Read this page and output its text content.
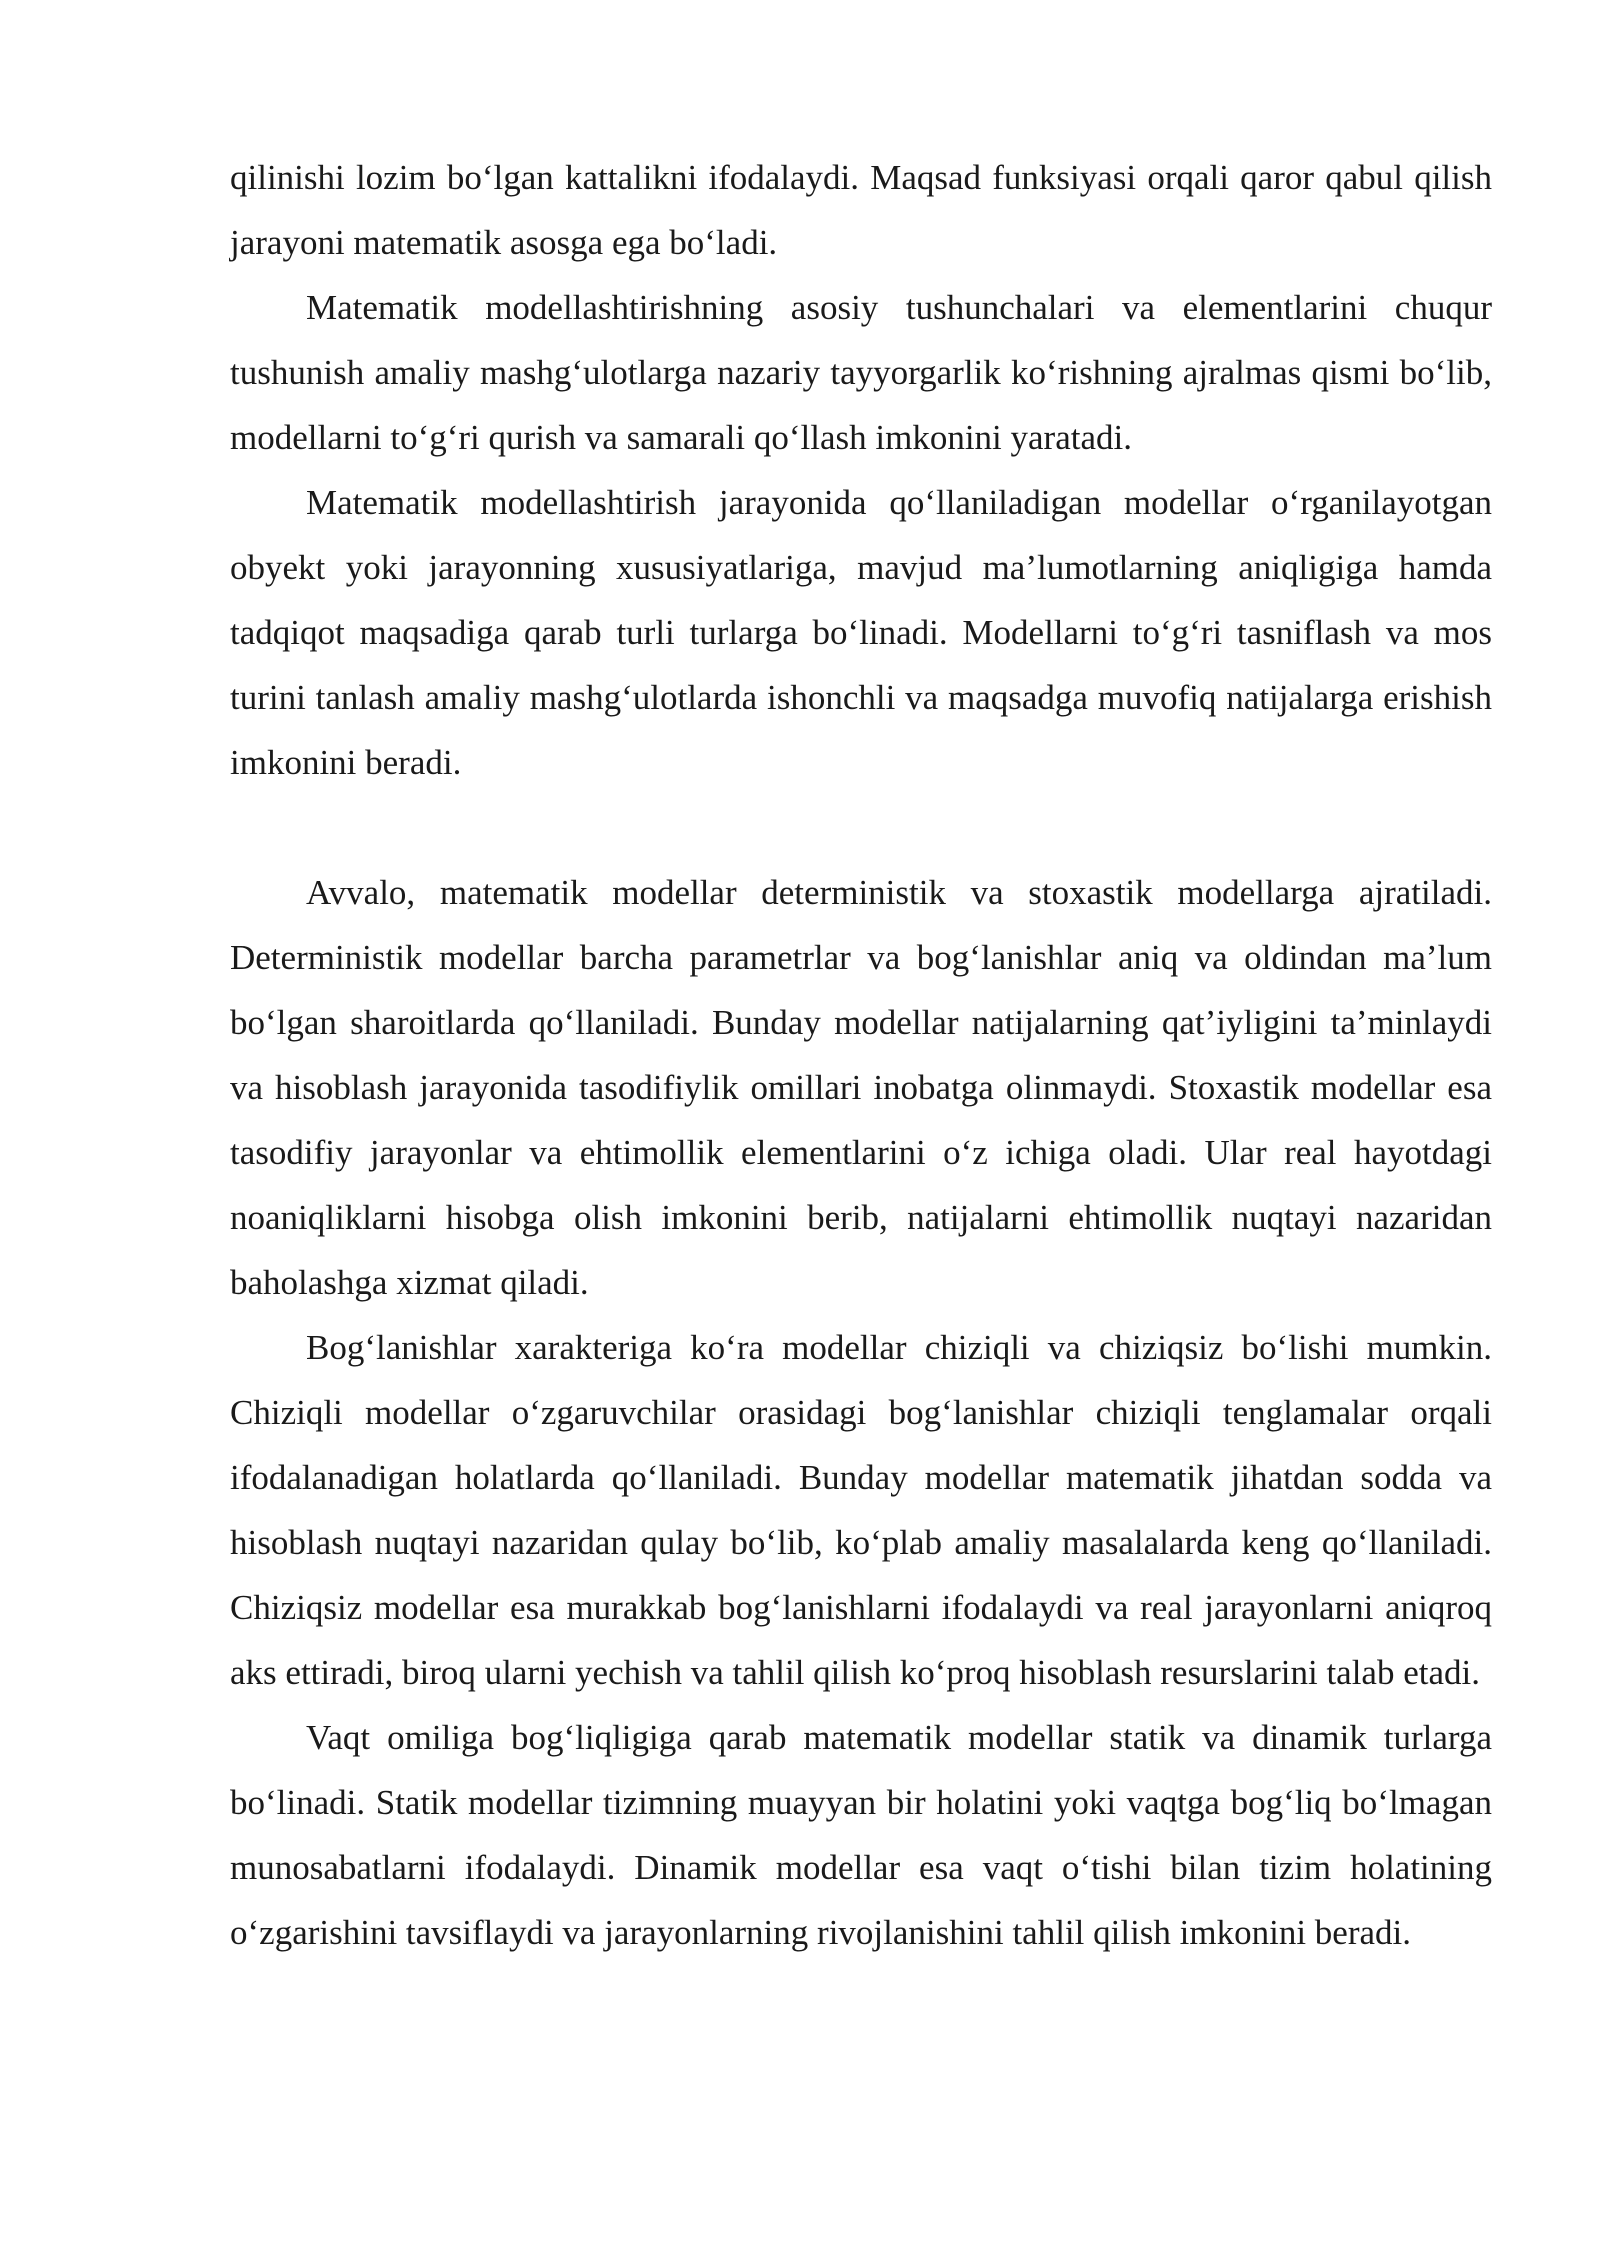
qilinishi lozim bo‘lgan kattalikni ifodalaydi. Maqsad funksiyasi orqali qaror qabul qilish jarayoni matematik asosga ega bo‘ladi.

Matematik modellashtirishning asosiy tushunchalari va elementlarini chuqur tushunish amaliy mashg‘ulotlarga nazariy tayyorgarlik ko‘rishning ajralmas qismi bo‘lib, modellarni to‘g‘ri qurish va samarali qo‘llash imkonini yaratadi.

Matematik modellashtirish jarayonida qo‘llaniladigan modellar o‘rganilayotgan obyekt yoki jarayonning xususiyatlariga, mavjud ma’lumotlarning aniqligiga hamda tadqiqot maqsadiga qarab turli turlarga bo‘linadi. Modellarni to‘g‘ri tasniflash va mos turini tanlash amaliy mashg‘ulotlarda ishonchli va maqsadga muvofiq natijalarga erishish imkonini beradi.

Avvalo, matematik modellar deterministik va stoxastik modellarga ajratiladi. Deterministik modellar barcha parametrlar va bog‘lanishlar aniq va oldindan ma’lum bo‘lgan sharoitlarda qo‘llaniladi. Bunday modellar natijalarning qat’iyligini ta’minlaydi va hisoblash jarayonida tasodifiylik omillari inobatga olinmaydi. Stoxastik modellar esa tasodifiy jarayonlar va ehtimollik elementlarini o‘z ichiga oladi. Ular real hayotdagi noaniqliklarni hisobga olish imkonini berib, natijalarni ehtimollik nuqtayi nazaridan baholashga xizmat qiladi.

Bog‘lanishlar xarakteriga ko‘ra modellar chiziqli va chiziqsiz bo‘lishi mumkin. Chiziqli modellar o‘zgaruvchilar orasidagi bog‘lanishlar chiziqli tenglamalar orqali ifodalanadigan holatlarda qo‘llaniladi. Bunday modellar matematik jihatdan sodda va hisoblash nuqtayi nazaridan qulay bo‘lib, ko‘plab amaliy masalalarda keng qo‘llaniladi. Chiziqsiz modellar esa murakkab bog‘lanishlarni ifodalaydi va real jarayonlarni aniqroq aks ettiradi, biroq ularni yechish va tahlil qilish ko‘proq hisoblash resurslarini talab etadi.

Vaqt omiliga bog‘liqligiga qarab matematik modellar statik va dinamik turlarga bo‘linadi. Statik modellar tizimning muayyan bir holatini yoki vaqtga bog‘liq bo‘lmagan munosabatlarni ifodalaydi. Dinamik modellar esa vaqt o‘tishi bilan tizim holatining o‘zgarishini tavsiflaydi va jarayonlarning rivojlanishini tahlil qilish imkonini beradi.
